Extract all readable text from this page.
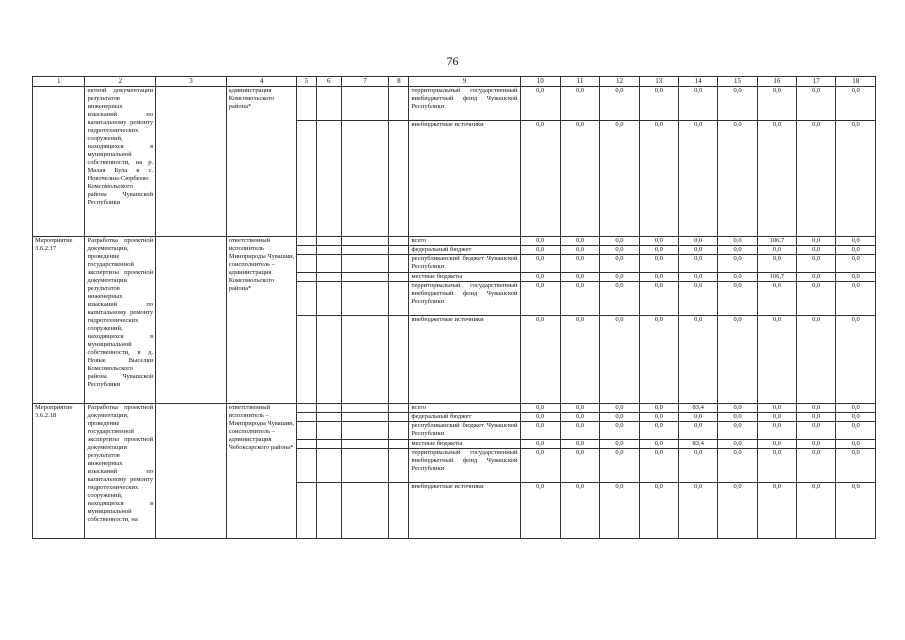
76
1	2	3	4	5	6	7	8	9	10	11	12	13	14	15	16	17	18
	ектной документации результатов инженерных изысканий по капитальному ремонту гидротехнических сооружений, находящихся в муниципальной собственности, на р. Малая Була в с. Новочелны-Сюрбеево Комсомольского района Чувашской Республики		администрация Комсомольского района*					территориальный государственный внебюджетный фонд Чувашской Республики	0,0	0,0	0,0	0,0	0,0	0,0	0,0	0,0	0,0
								внебюджетные источники	0,0	0,0	0,0	0,0	0,0	0,0	0,0	0,0	0,0
Мероприятие 3.6.2.17	Разработка проектной документации, проведение государственной экспертизы проектной документации результатов инженерных изысканий по капитальному ремонту гидротехнических сооружений, находящихся в муниципальной собственности, в д. Новые Выселки Комсомольского района Чувашской Республики		ответственный исполнитель Минприроды Чувашии, соисполнитель – администрация Комсомольского района*					всего	0,0	0,0	0,0	0,0	0,0	0,0	106,7	0,0	0,0
								федеральный бюджет	0,0	0,0	0,0	0,0	0,0	0,0	0,0	0,0	0,0
								республиканский бюджет Чувашской Республики	0,0	0,0	0,0	0,0	0,0	0,0	0,0	0,0	0,0
								местные бюджеты	0,0	0,0	0,0	0,0	0,0	0,0	106,7	0,0	0,0
								территориальный государственный внебюджетный фонд Чувашской Республики	0,0	0,0	0,0	0,0	0,0	0,0	0,0	0,0	0,0
								внебюджетные источники	0,0	0,0	0,0	0,0	0,0	0,0	0,0	0,0	0,0
Мероприятие 3.6.2.18	Разработка проектной документации, проведение государственной экспертизы проектной документации результатов инженерных изысканий по капитальному ремонту гидротехнических сооружений, находящихся в муниципальной собственности, на		ответственный исполнитель – Минприроды Чувашии, соисполнитель – администрация Чебоксарского района*					всего	0,0	0,0	0,0	0,0	83,4	0,0	0,0	0,0	0,0
								федеральный бюджет	0,0	0,0	0,0	0,0	0,0	0,0	0,0	0,0	0,0
								республиканский бюджет Чувашской Республики	0,0	0,0	0,0	0,0	0,0	0,0	0,0	0,0	0,0
								местные бюджеты	0,0	0,0	0,0	0,0	83,4	0,0	0,0	0,0	0,0
								территориальный государственный внебюджетный фонд Чувашской Республики	0,0	0,0	0,0	0,0	0,0	0,0	0,0	0,0	0,0
								внебюджетные источники	0,0	0,0	0,0	0,0	0,0	0,0	0,0	0,0	0,0
